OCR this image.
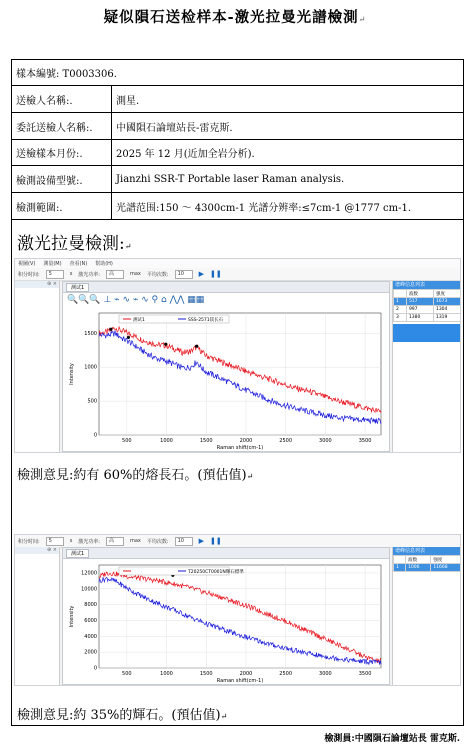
疑似隕石送检样本-激光拉曼光譜檢測↵
樣本編號: T0003306.
送檢人名稱:.	測星.
委託送檢人名稱:.	中國隕石論壇站長-雷克斯.
送檢樣本月份:.	2025 年 12 月(近加全岩分析).
檢測設備型號:.	Jianzhi SSR-T Portable laser Raman analysis.
檢測範圍:.	光譜范围:150 ～ 4300cm-1 光譜分辨率:≤7cm-1 @1777 cm-1.
激光拉曼檢測:↵
視圖(V) 測量(M) 查看(N) 幫助(H)
积分时间:	5	s 激光功率:	高	max 平均次数:	10	▶ ❚❚
⊕ ×
测试1
🔍🔍🔍 ⊥ ⌁ ∿ ⌁ ∿ ⚲ ⌂ ⋀⋀ ▦▦
500	1000	1500	2000	2500	3000	3500
0
500
1000
1500
Raman shift(cm-1)
Intensity
测试1	SSS-2571镁长石
谱峰信息列表
	波数	强度
1	517	1673
2	997	1304
3	1380	1319
檢測意見:約有 60%的熔長石。(預估值)↵
积分时间:	5	s 激光功率:	高	max 平均次数:	10	▶ ❚❚
⊕ ×
测试1
500	1000	1500	2000	2500	3000	3500
0
2000
4000
6000
8000
10000
12000
Raman shift(cm-1)
Intensity
T20250CT0001N輝石標準
谱峰信息列表
	波数	强度
1	1006	11668
檢測意見:約 35%的輝石。(預估值)↵
檢測員:中國隕石論壇站長 雷克斯.
